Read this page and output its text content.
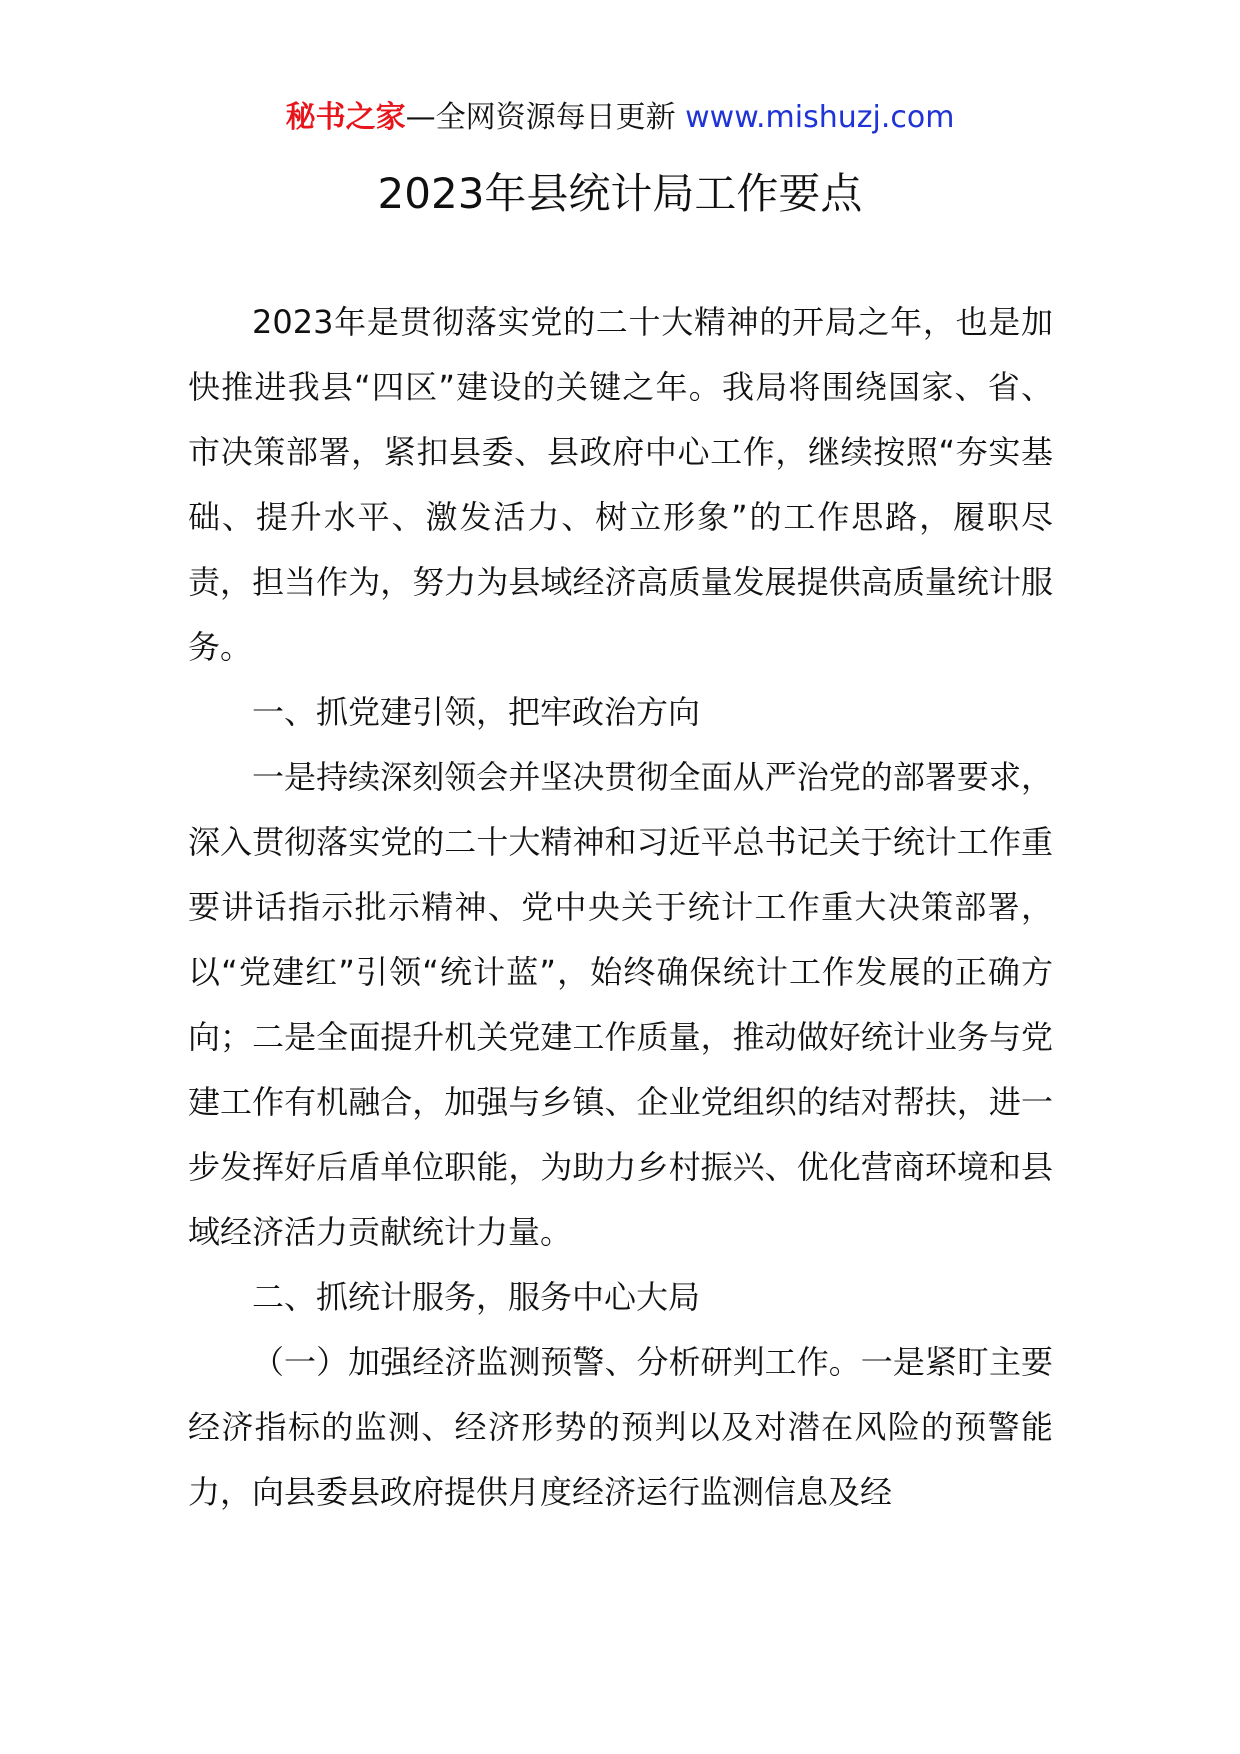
秘书之家—全网资源每日更新 www.mishuzj.com
2023年县统计局工作要点

2023年是贯彻落实党的二十大精神的开局之年，也是加快推进我县“四区”建设的关键之年。我局将围绕国家、省、市决策部署，紧扣县委、县政府中心工作，继续按照“夯实基础、提升水平、激发活力、树立形象”的工作思路，履职尽责，担当作为，努力为县域经济高质量发展提供高质量统计服务。

一、抓党建引领，把牢政治方向

一是持续深刻领会并坚决贯彻全面从严治党的部署要求，深入贯彻落实党的二十大精神和习近平总书记关于统计工作重要讲话指示批示精神、党中央关于统计工作重大决策部署，以“党建红”引领“统计蓝”，始终确保统计工作发展的正确方向；二是全面提升机关党建工作质量，推动做好统计业务与党建工作有机融合，加强与乡镇、企业党组织的结对帮扶，进一步发挥好后盾单位职能，为助力乡村振兴、优化营商环境和县域经济活力贡献统计力量。

二、抓统计服务，服务中心大局

（一）加强经济监测预警、分析研判工作。一是紧盯主要经济指标的监测、经济形势的预判以及对潜在风险的预警能力，向县委县政府提供月度经济运行监测信息及经
